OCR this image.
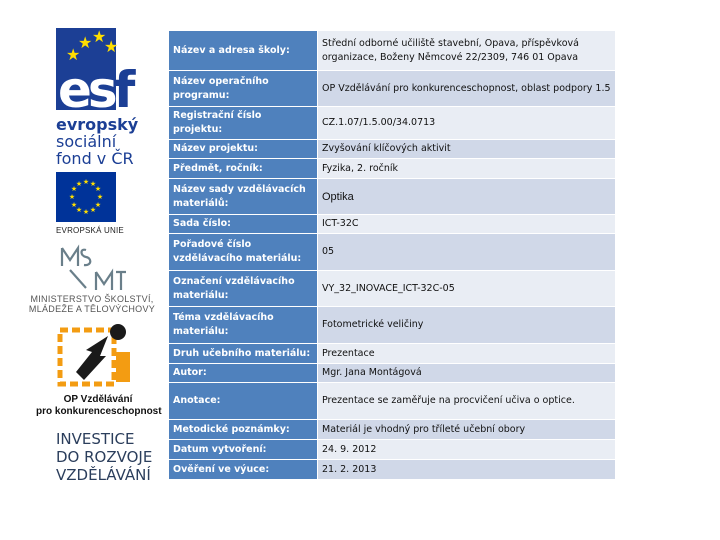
★
★ ★
★
esf
evropský
sociální
fond v ČR
★ ★
★
★
★
★
★
★
★
★
★
★
EVROPSKÁ UNIE
MINISTERSTVO ŠKOLSTVÍ,
MLÁDEŽE A TĚLOVÝCHOVY
OP Vzdělávání
pro konkurenceschopnost
INVESTICE
DO ROZVOJE
VZDĚLÁVÁNÍ
Název a adresa školy:	Střední odborné učiliště stavební, Opava, příspěvková organizace, Boženy Němcové 22/2309, 746 01 Opava
Název operačního programu:	OP Vzdělávání pro konkurenceschopnost, oblast podpory 1.5
Registrační číslo projektu:	CZ.1.07/1.5.00/34.0713
Název projektu:	Zvyšování klíčových aktivit
Předmět, ročník:	Fyzika, 2. ročník
Název sady vzdělávacích materiálů:	Optika
Sada číslo:	ICT-32C
Pořadové číslo vzdělávacího materiálu:	05
Označení vzdělávacího materiálu:	VY_32_INOVACE_ICT-32C-05
Téma vzdělávacího materiálu:	Fotometrické veličiny
Druh učebního materiálu:	Prezentace
Autor:	Mgr. Jana Montágová
Anotace:	Prezentace se zaměřuje na procvičení učiva o optice.
Metodické poznámky:	Materiál je vhodný pro tříleté učební obory
Datum vytvoření:	24. 9. 2012
Ověření ve výuce:	21. 2. 2013
